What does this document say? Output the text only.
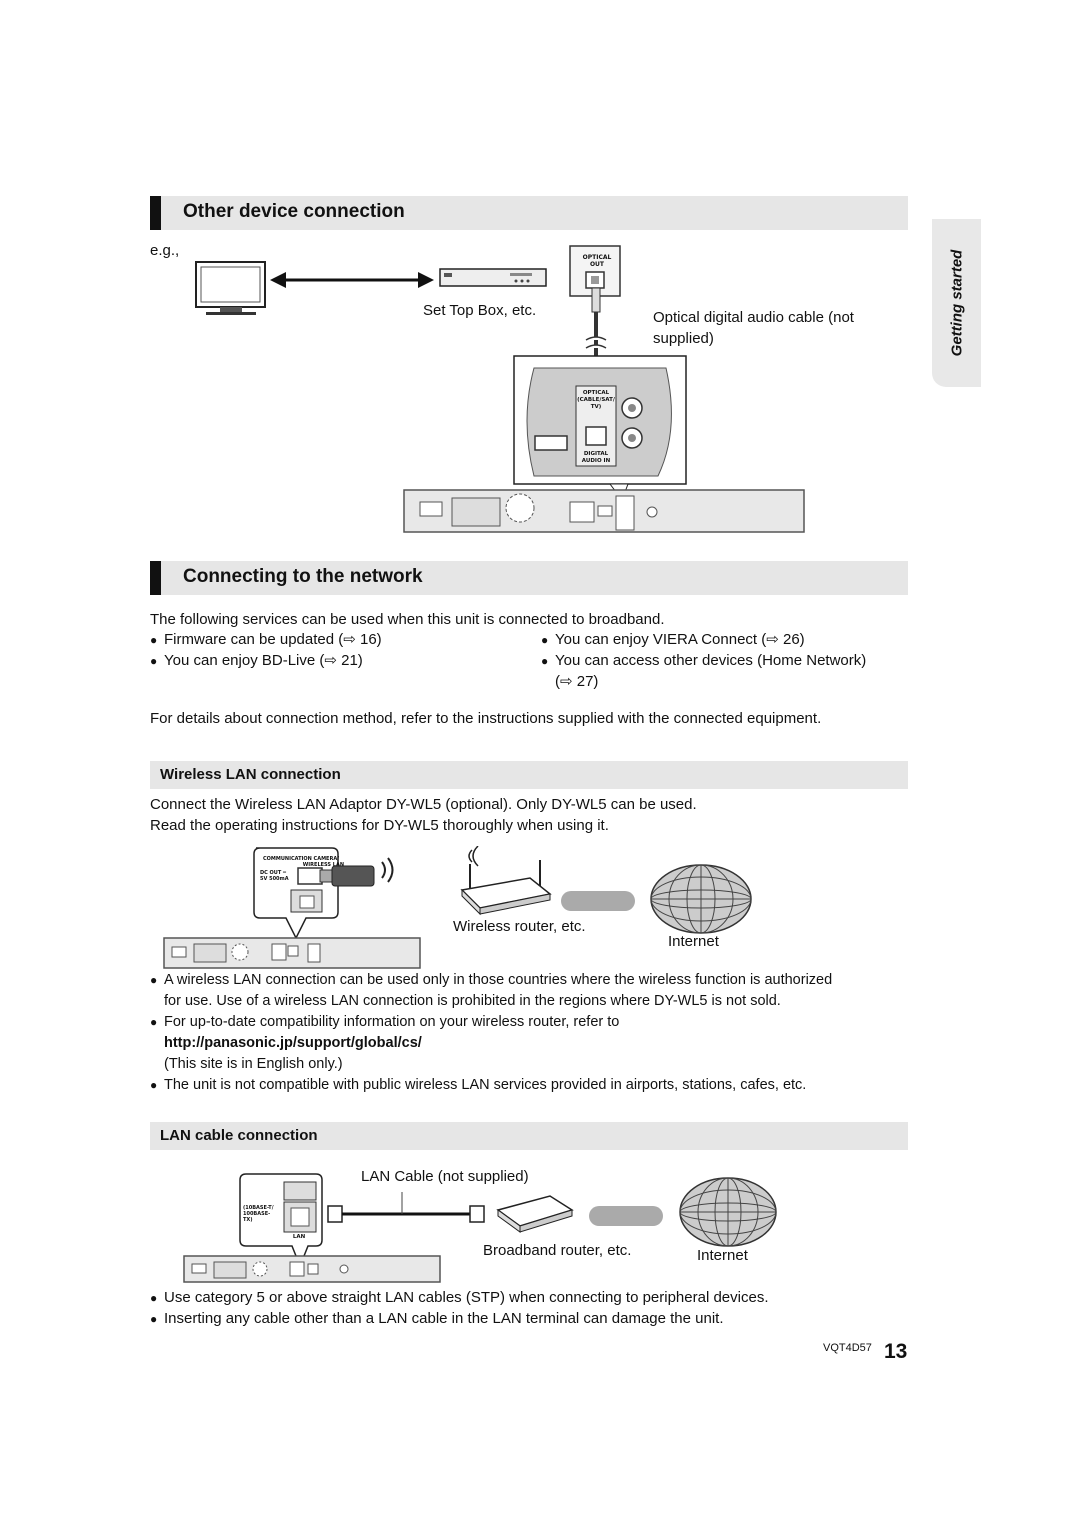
Getting started
Other device connection
e.g.,	OPTICAL
OUT
OPTICAL
(CABLE/SAT/
TV)
DIGITAL
AUDIO IN
Set Top Box, etc.	Optical digital audio cable (not
supplied)
Connecting to the network
The following services can be used when this unit is connected to broadband.
● Firmware can be updated (⇨ 16)
● You can enjoy BD-Live (⇨ 21)
● You can enjoy VIERA Connect (⇨ 26)
● You can access other devices (Home Network)
(⇨ 27)
For details about connection method, refer to the instructions supplied with the connected equipment.
Wireless LAN connection
Connect the Wireless LAN Adaptor DY-WL5 (optional). Only DY-WL5 can be used.
Read the operating instructions for DY-WL5 thoroughly when using it.
COMMUNICATION CAMERA/
WIRELESS LAN
DC OUT ═
5V 500mA
Wireless router, etc.
Internet
● A wireless LAN connection can be used only in those countries where the wireless function is authorized
for use. Use of a wireless LAN connection is prohibited in the regions where DY-WL5 is not sold.
● For up-to-date compatibility information on your wireless router, refer to
http://panasonic.jp/support/global/cs/
(This site is in English only.)
● The unit is not compatible with public wireless LAN services provided in airports, stations, cafes, etc.
LAN cable connection
(10BASE-T/
100BASE-TX)
LAN
LAN Cable (not supplied)
Broadband router, etc.	Internet
● Use category 5 or above straight LAN cables (STP) when connecting to peripheral devices.
● Inserting any cable other than a LAN cable in the LAN terminal can damage the unit.
VQT4D57 13
